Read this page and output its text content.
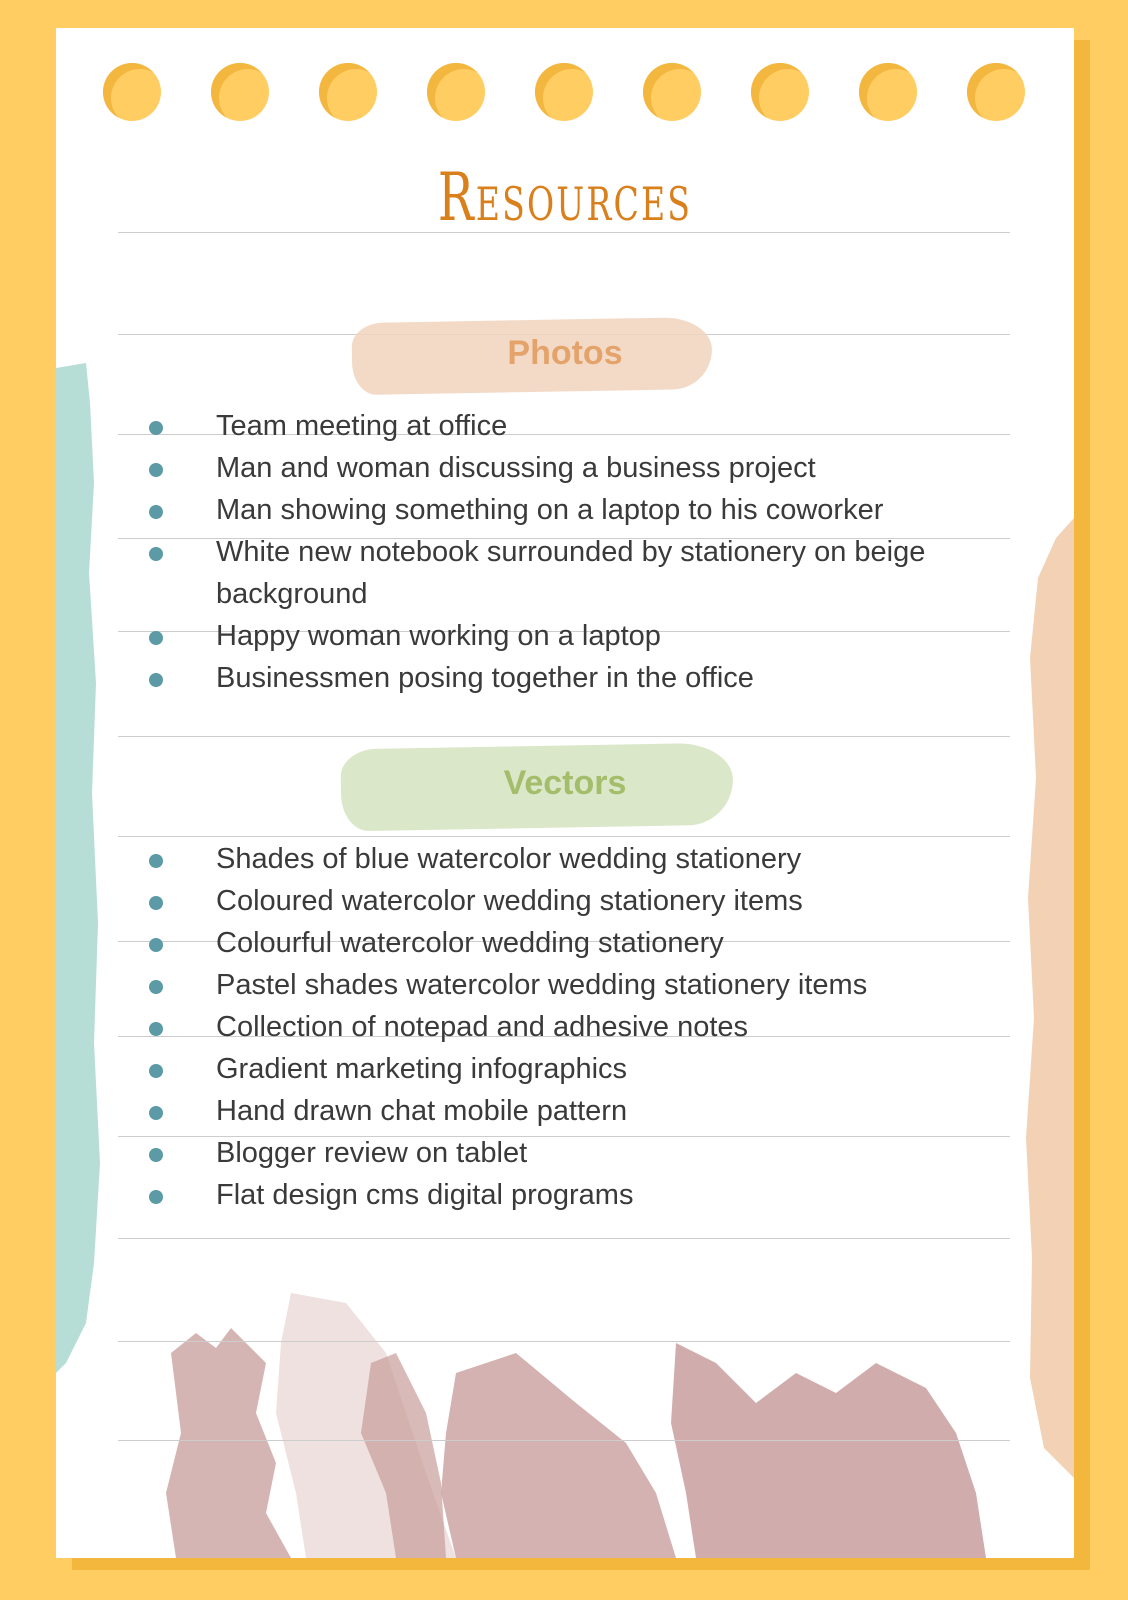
Resources
Photos
Team meeting at office
Man and woman discussing a business project
Man showing something on a laptop to his coworker
White new notebook surrounded by stationery on beige background
Happy woman working on a laptop
Businessmen posing together in the office
Vectors
Shades of blue watercolor wedding stationery
Coloured watercolor wedding stationery items
Colourful watercolor wedding stationery
Pastel shades watercolor wedding stationery items
Collection of notepad and adhesive notes
Gradient marketing infographics
Hand drawn chat mobile pattern
Blogger review on tablet
Flat design cms digital programs
